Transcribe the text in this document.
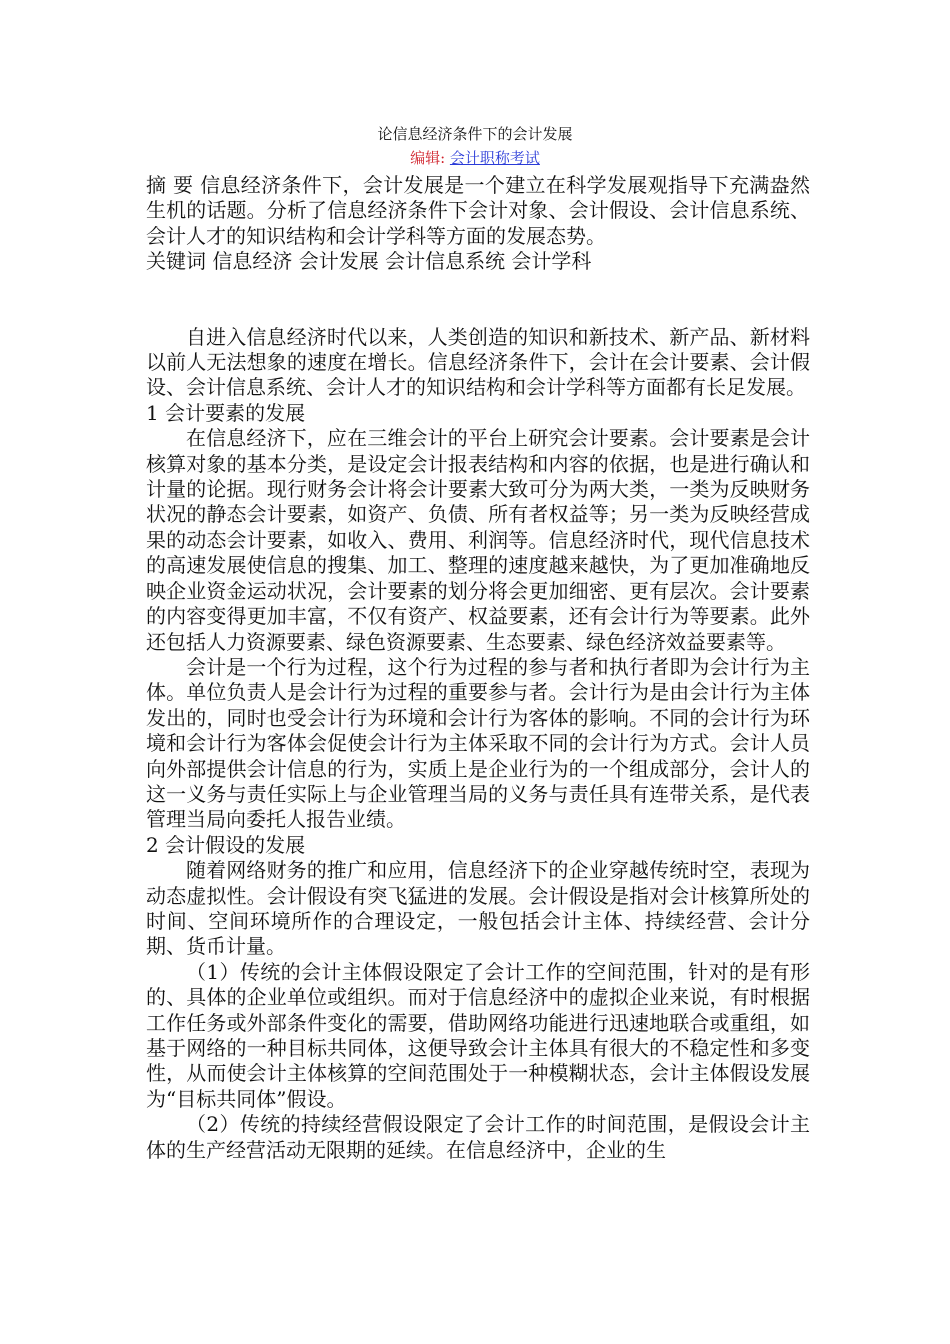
论信息经济条件下的会计发展
编辑: 会计职称考试

摘 要 信息经济条件下，会计发展是一个建立在科学发展观指导下充满盎然生机的话题。分析了信息经济条件下会计对象、会计假设、会计信息系统、会计人才的知识结构和会计学科等方面的发展态势。

关键词 信息经济 会计发展 会计信息系统 会计学科

自进入信息经济时代以来，人类创造的知识和新技术、新产品、新材料以前人无法想象的速度在增长。信息经济条件下，会计在会计要素、会计假设、会计信息系统、会计人才的知识结构和会计学科等方面都有长足发展。

1 会计要素的发展

在信息经济下，应在三维会计的平台上研究会计要素。会计要素是会计核算对象的基本分类，是设定会计报表结构和内容的依据，也是进行确认和计量的论据。现行财务会计将会计要素大致可分为两大类，一类为反映财务状况的静态会计要素，如资产、负债、所有者权益等；另一类为反映经营成果的动态会计要素，如收入、费用、利润等。信息经济时代，现代信息技术的高速发展使信息的搜集、加工、整理的速度越来越快，为了更加准确地反映企业资金运动状况，会计要素的划分将会更加细密、更有层次。会计要素的内容变得更加丰富，不仅有资产、权益要素，还有会计行为等要素。此外还包括人力资源要素、绿色资源要素、生态要素、绿色经济效益要素等。

会计是一个行为过程，这个行为过程的参与者和执行者即为会计行为主体。单位负责人是会计行为过程的重要参与者。会计行为是由会计行为主体发出的，同时也受会计行为环境和会计行为客体的影响。不同的会计行为环境和会计行为客体会促使会计行为主体采取不同的会计行为方式。会计人员向外部提供会计信息的行为，实质上是企业行为的一个组成部分，会计人的这一义务与责任实际上与企业管理当局的义务与责任具有连带关系，是代表管理当局向委托人报告业绩。

2 会计假设的发展

随着网络财务的推广和应用，信息经济下的企业穿越传统时空，表现为动态虚拟性。会计假设有突飞猛进的发展。会计假设是指对会计核算所处的时间、空间环境所作的合理设定，一般包括会计主体、持续经营、会计分期、货币计量。

（1）传统的会计主体假设限定了会计工作的空间范围，针对的是有形的、具体的企业单位或组织。而对于信息经济中的虚拟企业来说，有时根据工作任务或外部条件变化的需要，借助网络功能进行迅速地联合或重组，如基于网络的一种目标共同体，这便导致会计主体具有很大的不稳定性和多变性，从而使会计主体核算的空间范围处于一种模糊状态，会计主体假设发展为“目标共同体”假设。

（2）传统的持续经营假设限定了会计工作的时间范围，是假设会计主体的生产经营活动无限期的延续。在信息经济中，企业的生
